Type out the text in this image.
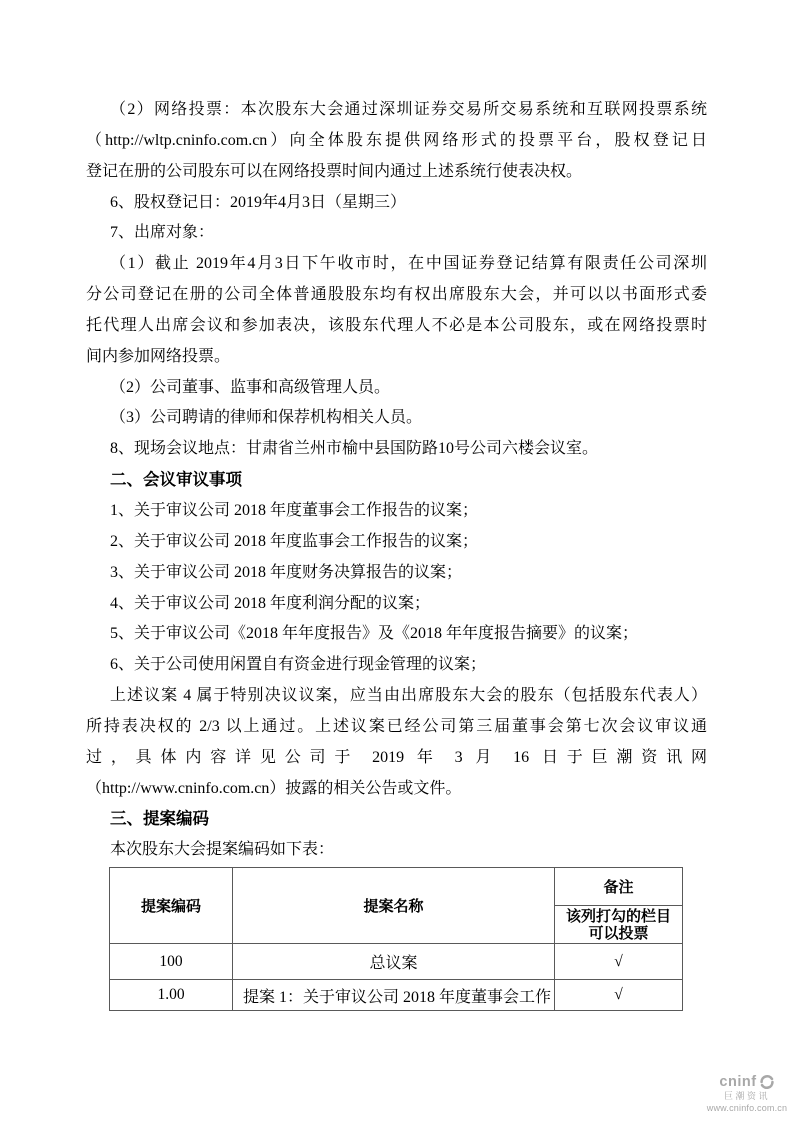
（2）网络投票：本次股东大会通过深圳证券交易所交易系统和互联网投票系统
（http://wltp.cninfo.com.cn）向全体股东提供网络形式的投票平台，股权登记日
登记在册的公司股东可以在网络投票时间内通过上述系统行使表决权。
6、股权登记日：2019年4月3日（星期三）
7、出席对象：
（1）截止 2019年4月3日下午收市时，在中国证券登记结算有限责任公司深圳
分公司登记在册的公司全体普通股股东均有权出席股东大会，并可以以书面形式委
托代理人出席会议和参加表决，该股东代理人不必是本公司股东，或在网络投票时
间内参加网络投票。
（2）公司董事、监事和高级管理人员。
（3）公司聘请的律师和保荐机构相关人员。
8、现场会议地点：甘肃省兰州市榆中县国防路10号公司六楼会议室。
二、会议审议事项
1、关于审议公司 2018 年度董事会工作报告的议案；
2、关于审议公司 2018 年度监事会工作报告的议案；
3、关于审议公司 2018 年度财务决算报告的议案；
4、关于审议公司 2018 年度利润分配的议案；
5、关于审议公司《2018 年年度报告》及《2018 年年度报告摘要》的议案；
6、关于公司使用闲置自有资金进行现金管理的议案；
上述议案 4 属于特别决议议案，应当由出席股东大会的股东（包括股东代表人）
所持表决权的 2/3 以上通过。上述议案已经公司第三届董事会第七次会议审议通
过，具体内容详见公司于 2019 年 3 月 16 日于巨潮资讯网
（http://www.cninfo.com.cn）披露的相关公告或文件。
三、提案编码
本次股东大会提案编码如下表：
提案编码	提案名称
备注
该列打勾的栏目可以投票
100	总议案	√
1.00	提案 1：关于审议公司 2018 年度董事会工作	√
cninf
巨潮资讯
www.cninfo.com.cn
